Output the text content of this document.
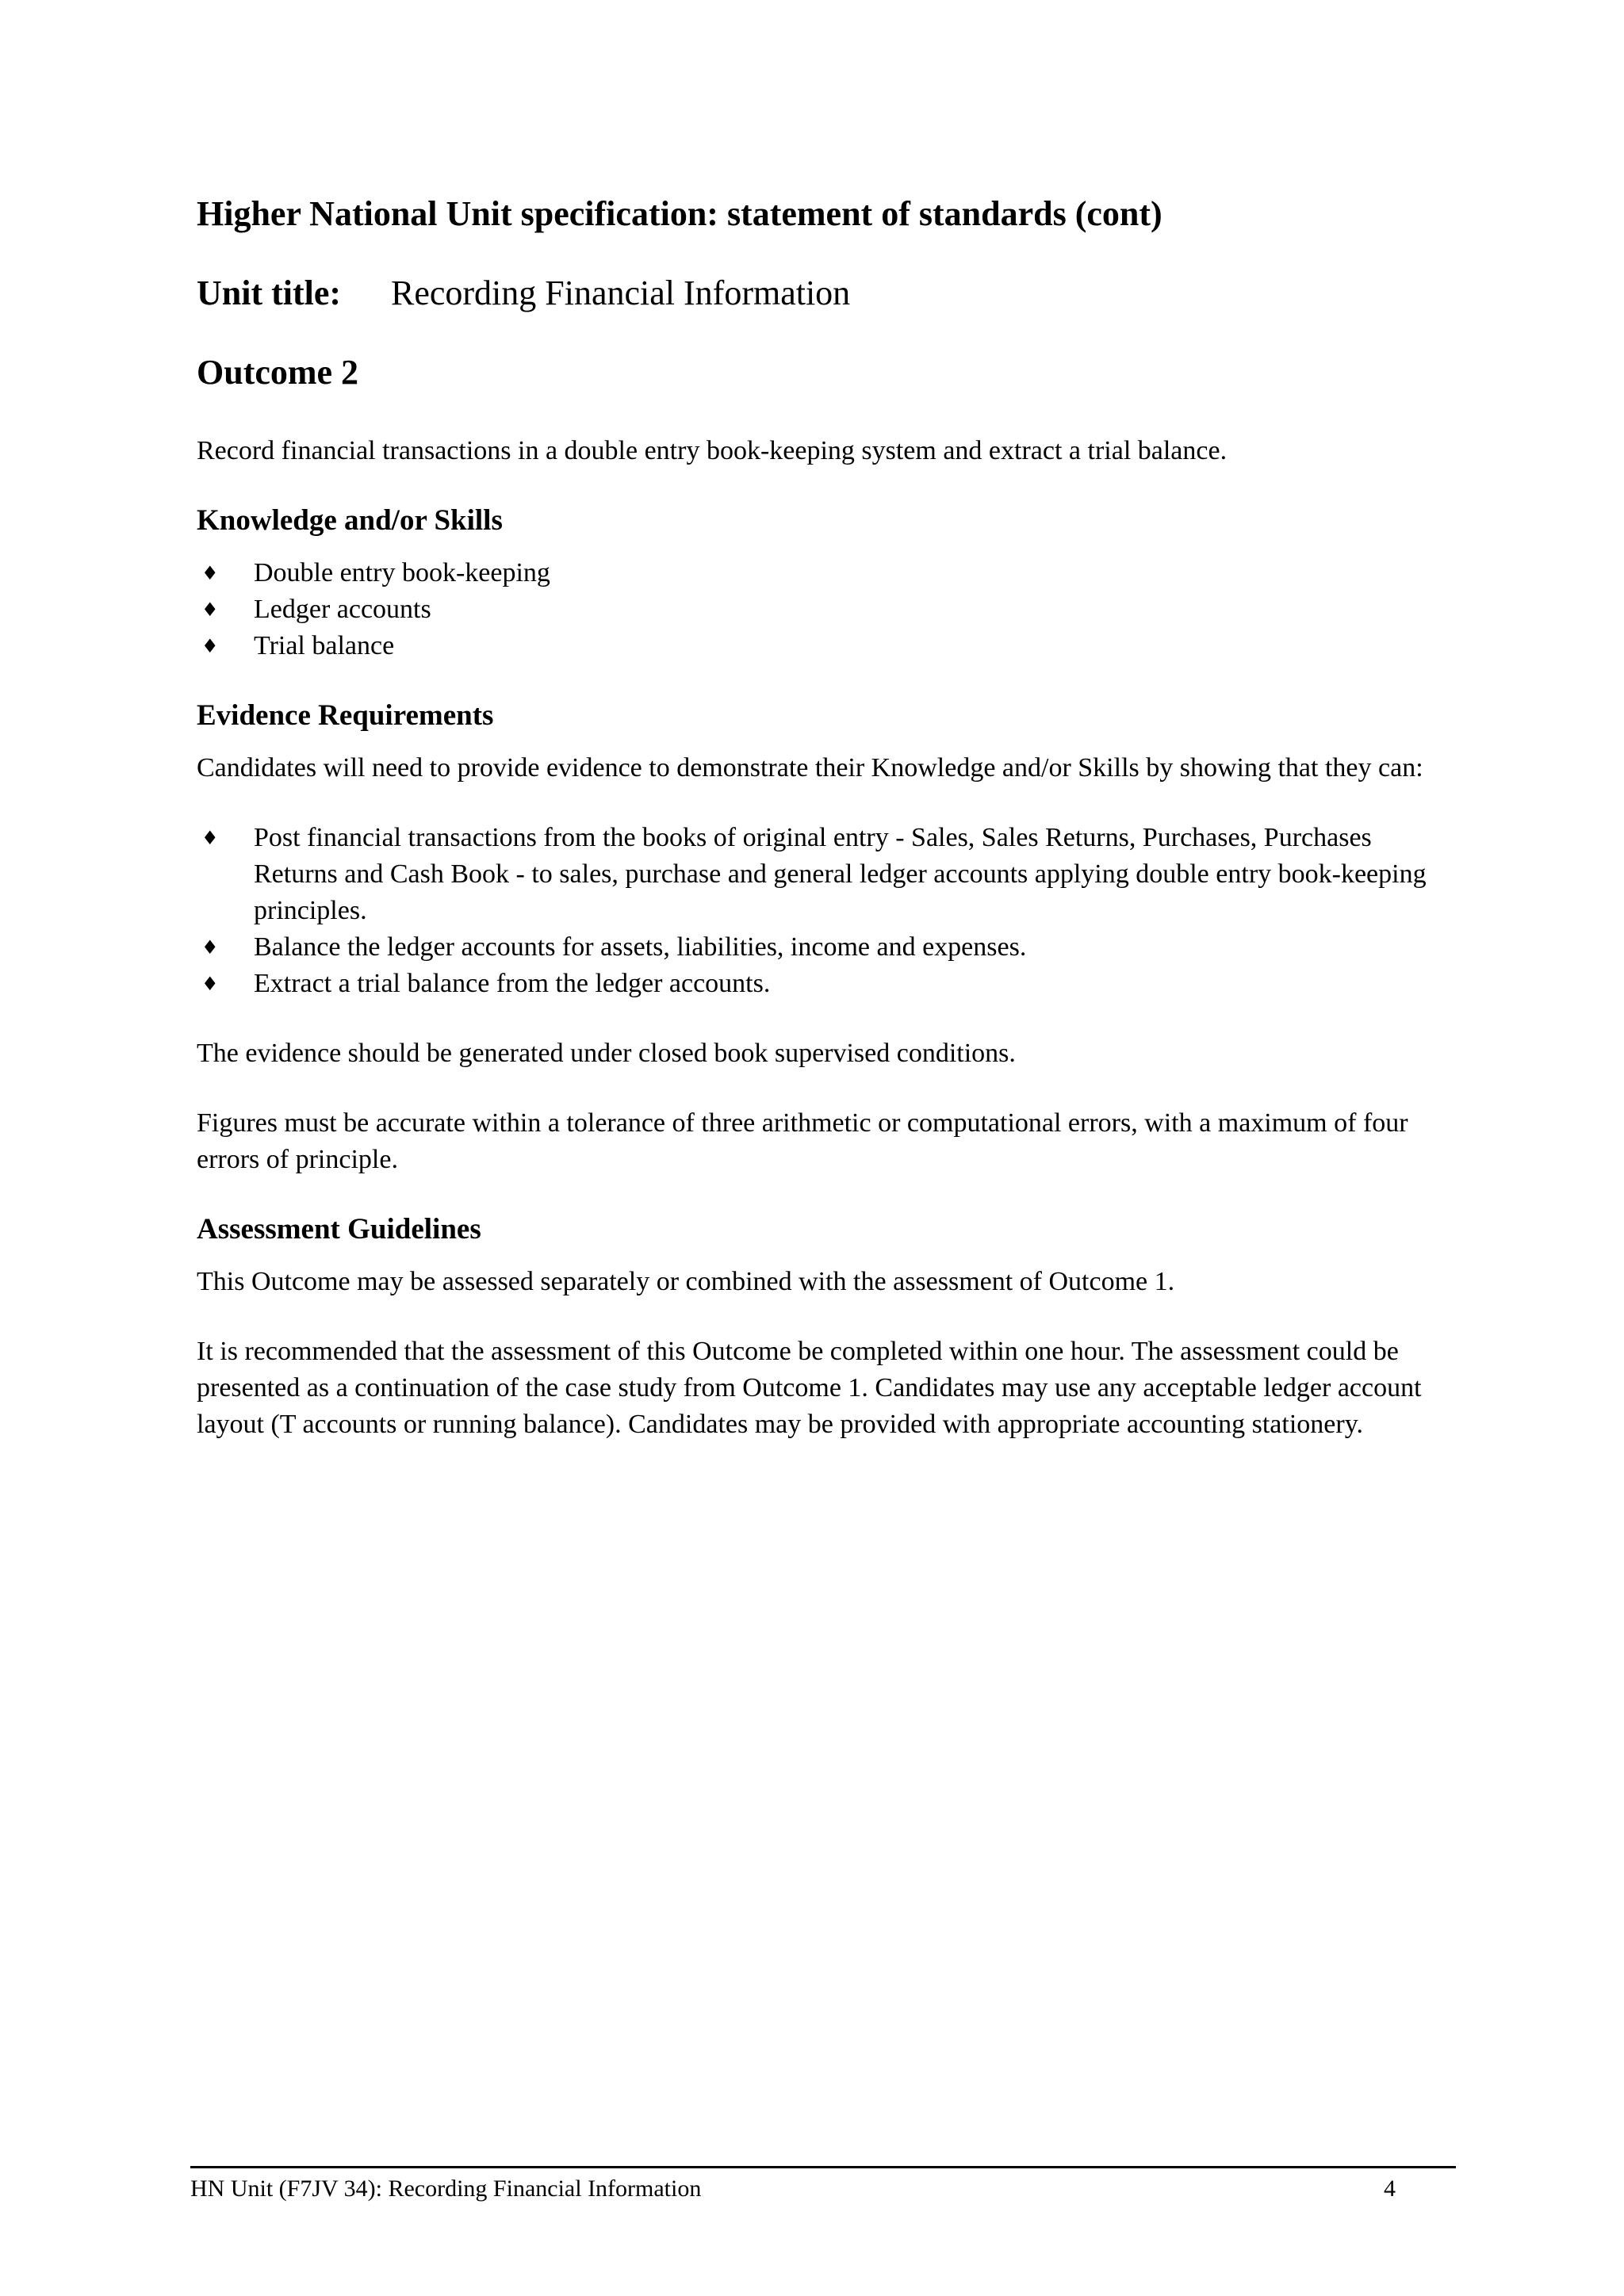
Higher National Unit specification: statement of standards (cont)
Unit title:	Recording Financial Information
Outcome 2

Record financial transactions in a double entry book-keeping system and extract a trial balance.

Knowledge and/or Skills
♦	Double entry book-keeping
♦	Ledger accounts
♦	Trial balance
Evidence Requirements

Candidates will need to provide evidence to demonstrate their Knowledge and/or Skills by showing that they can:

♦	Post financial transactions from the books of original entry - Sales, Sales Returns, Purchases, Purchases Returns and Cash Book - to sales, purchase and general ledger accounts applying double entry book-keeping principles.
♦	Balance the ledger accounts for assets, liabilities, income and expenses.
♦	Extract a trial balance from the ledger accounts.

The evidence should be generated under closed book supervised conditions.

Figures must be accurate within a tolerance of three arithmetic or computational errors, with a maximum of four errors of principle.

Assessment Guidelines

This Outcome may be assessed separately or combined with the assessment of Outcome 1.

It is recommended that the assessment of this Outcome be completed within one hour. The assessment could be presented as a continuation of the case study from Outcome 1. Candidates may use any acceptable ledger account layout (T accounts or running balance). Candidates may be provided with appropriate accounting stationery.

HN Unit (F7JV 34): Recording Financial Information	4
